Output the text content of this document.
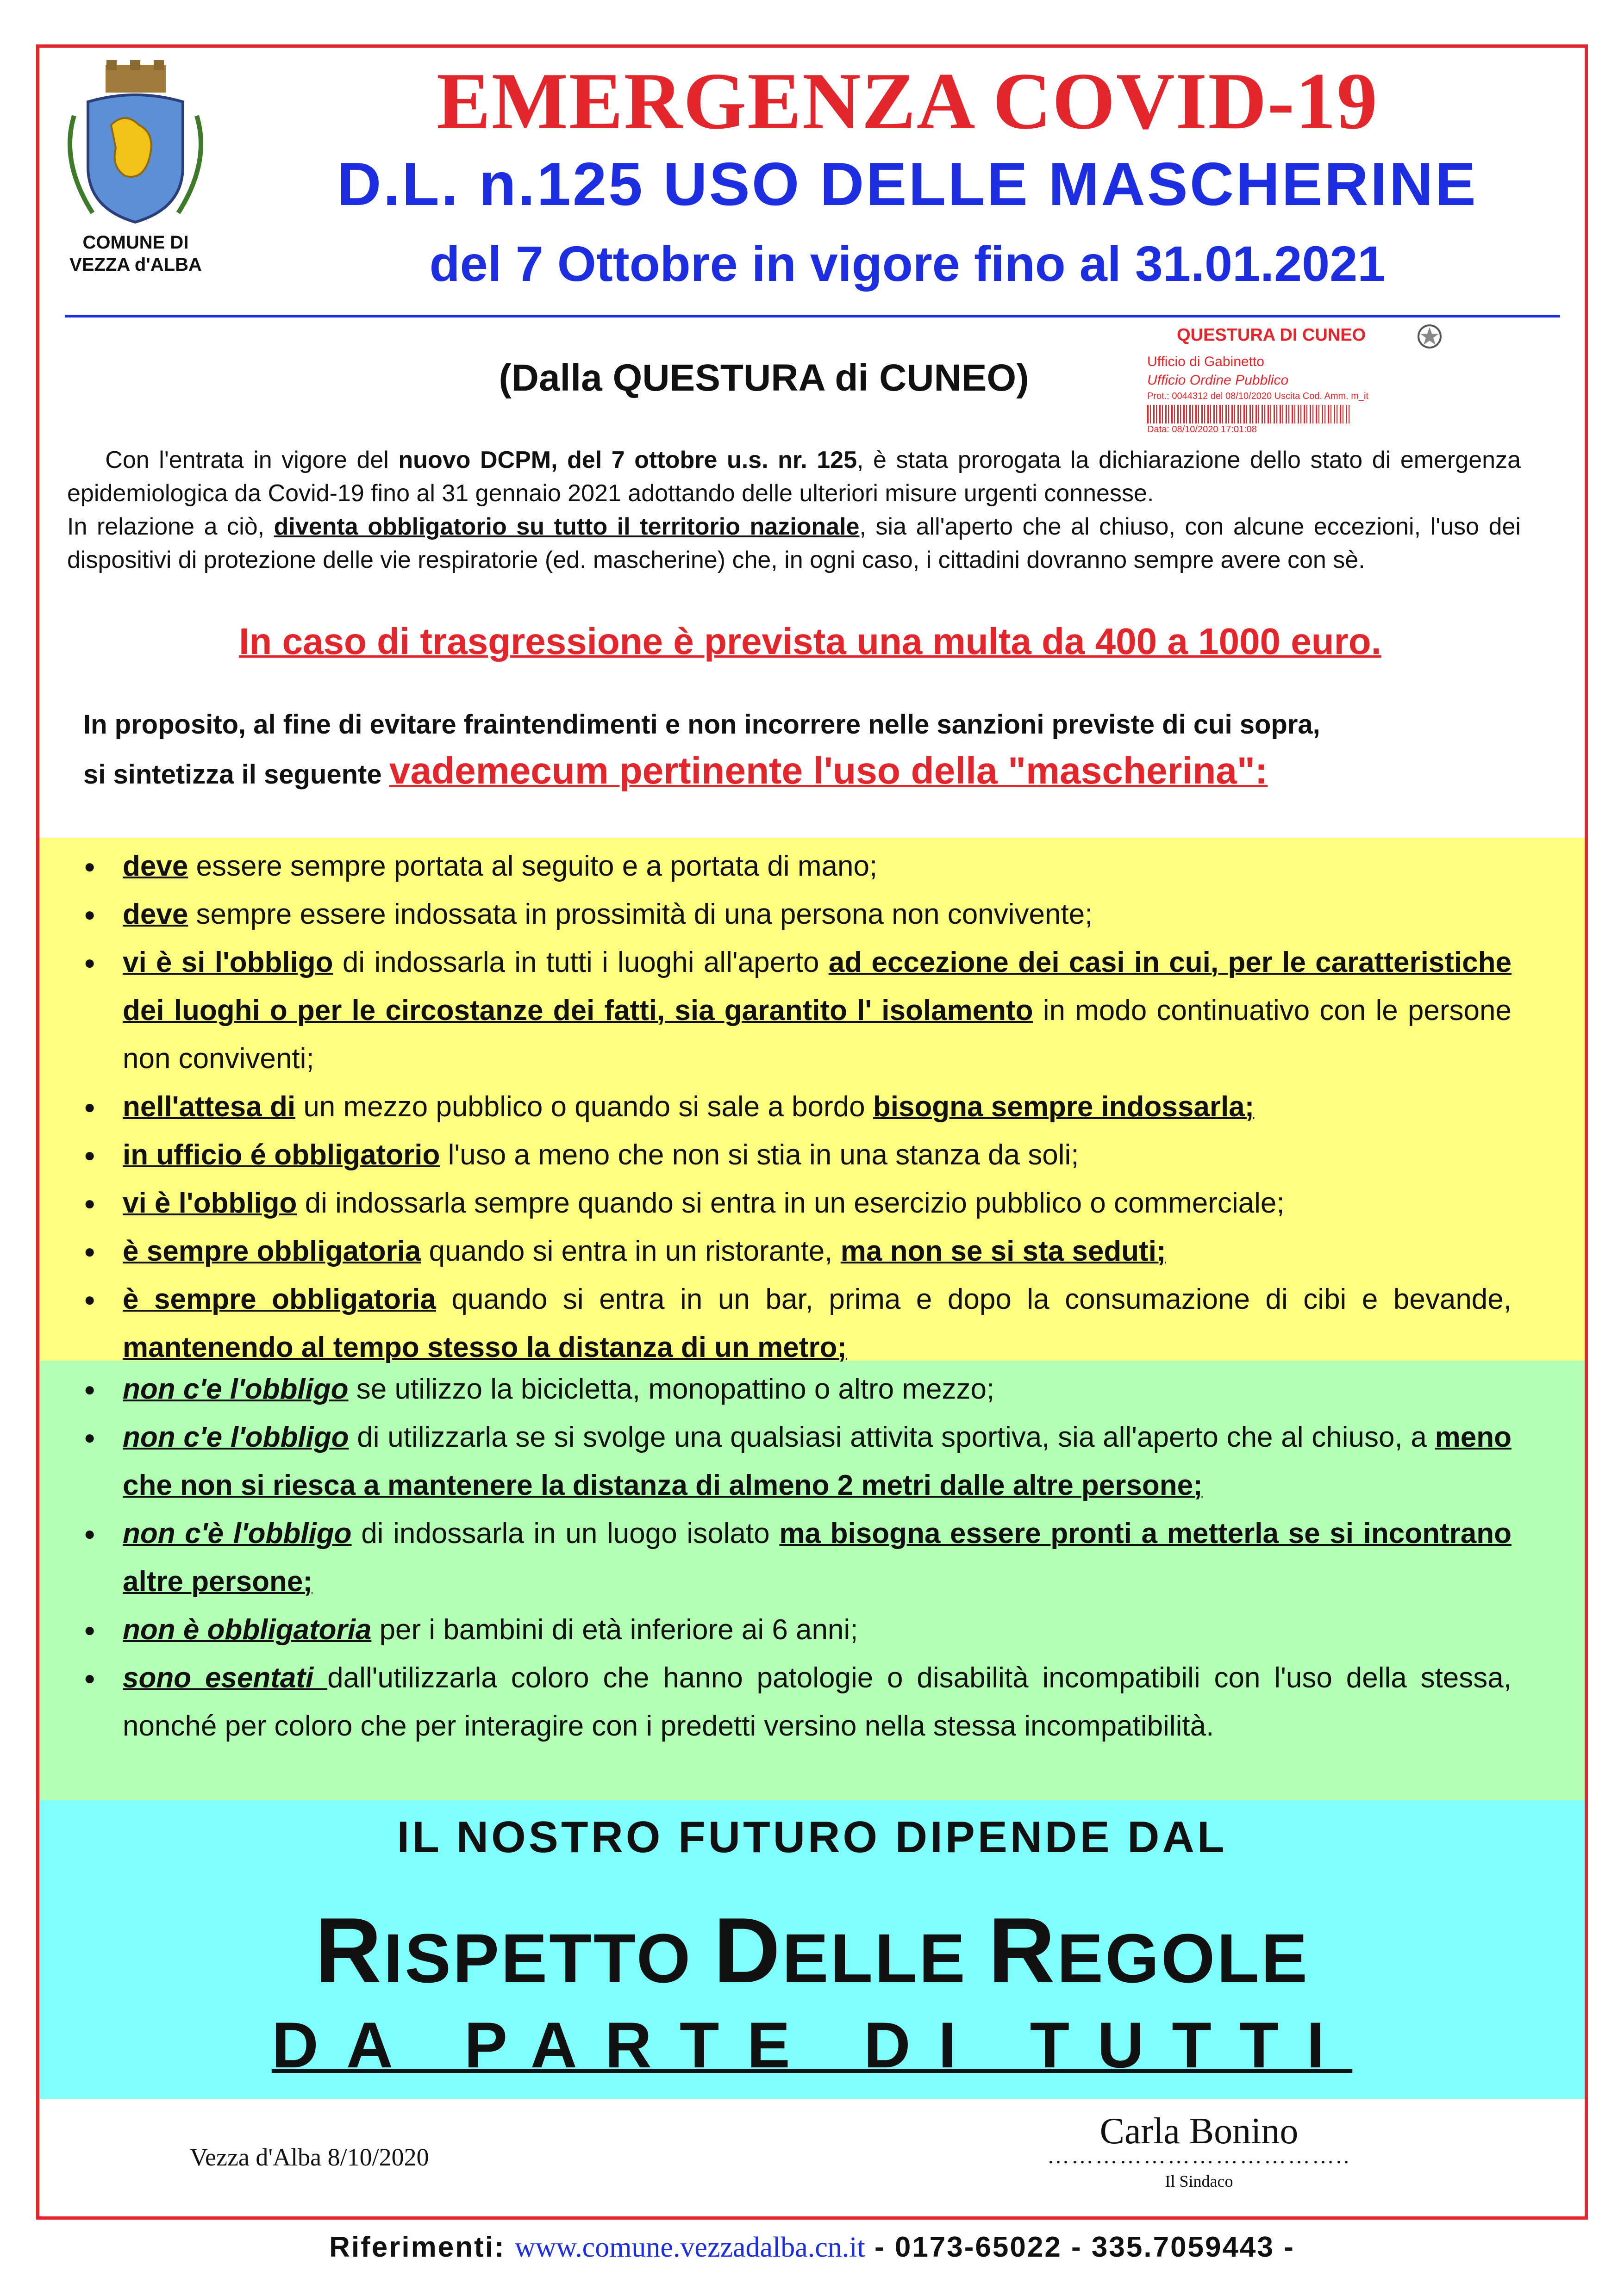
COMUNE DI
VEZZA d'ALBA
EMERGENZA COVID-19
D.L. n.125 USO DELLE MASCHERINE
del 7 Ottobre in vigore fino al 31.01.2021
QUESTURA DI CUNEO
Ufficio di Gabinetto
Ufficio Ordine Pubblico
Prot.: 0044312 del 08/10/2020 Uscita Cod. Amm. m_it
Data: 08/10/2020 17:01:08
(Dalla QUESTURA di CUNEO)

Con l'entrata in vigore del nuovo DCPM, del 7 ottobre u.s. nr. 125, è stata prorogata la dichiarazione dello stato di emergenza epidemiologica da Covid-19 fino al 31 gennaio 2021 adottando delle ulteriori misure urgenti connesse.

In relazione a ciò, diventa obbligatorio su tutto il territorio nazionale, sia all'aperto che al chiuso, con alcune eccezioni, l'uso dei dispositivi di protezione delle vie respiratorie (ed. mascherine) che, in ogni caso, i cittadini dovranno sempre avere con sè.

In caso di trasgressione è prevista una multa da 400 a 1000 euro.
In proposito, al fine di evitare fraintendimenti e non incorrere nelle sanzioni previste di cui sopra,
si sintetizza il seguente vademecum pertinente l'uso della "mascherina":
● deve essere sempre portata al seguito e a portata di mano;
● deve sempre essere indossata in prossimità di una persona non convivente;
● vi è si l'obbligo di indossarla in tutti i luoghi all'aperto ad eccezione dei casi in cui, per le caratteristiche dei luoghi o per le circostanze dei fatti, sia garantito l' isolamento in modo continuativo con le persone non conviventi;
● nell'attesa di un mezzo pubblico o quando si sale a bordo bisogna sempre indossarla;
● in ufficio é obbligatorio l'uso a meno che non si stia in una stanza da soli;
● vi è l'obbligo di indossarla sempre quando si entra in un esercizio pubblico o commerciale;
● è sempre obbligatoria quando si entra in un ristorante, ma non se si sta seduti;
● è sempre obbligatoria quando si entra in un bar, prima e dopo la consumazione di cibi e bevande, mantenendo al tempo stesso la distanza di un metro;
● non c'e l'obbligo se utilizzo la bicicletta, monopattino o altro mezzo;
● non c'e l'obbligo di utilizzarla se si svolge una qualsiasi attivita sportiva, sia all'aperto che al chiuso, a meno che non si riesca a mantenere la distanza di almeno 2 metri dalle altre persone;
● non c'è l'obbligo di indossarla in un luogo isolato ma bisogna essere pronti a metterla se si incontrano altre persone;
● non è obbligatoria per i bambini di età inferiore ai 6 anni;
● sono esentati dall'utilizzarla coloro che hanno patologie o disabilità incompatibili con l'uso della stessa, nonché per coloro che per interagire con i predetti versino nella stessa incompatibilità.
IL NOSTRO FUTURO DIPENDE DAL
RISPETTO DELLE REGOLE
DA PARTE DI TUTTI
Vezza d'Alba 8/10/2020
Carla Bonino
………………………………..
Il Sindaco
Riferimenti: www.comune.vezzadalba.cn.it - 0173-65022 - 335.7059443 -
